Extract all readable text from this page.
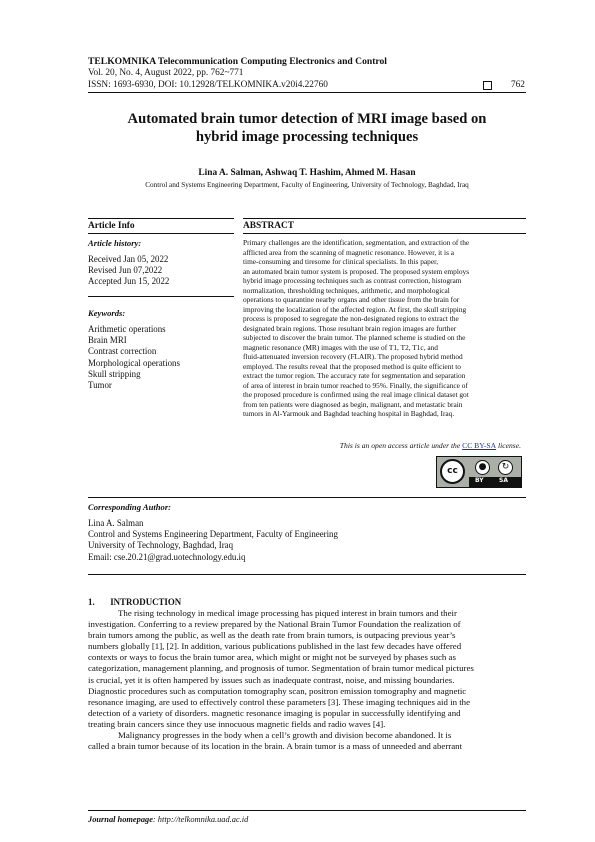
TELKOMNIKA Telecommunication Computing Electronics and Control
Vol. 20, No. 4, August 2022, pp. 762~771
ISSN: 1693-6930, DOI: 10.12928/TELKOMNIKA.v20i4.22760	762
Automated brain tumor detection of MRI image based on
hybrid image processing techniques
Lina A. Salman, Ashwaq T. Hashim, Ahmed M. Hasan
Control and Systems Engineering Department, Faculty of Engineering, University of Technology, Baghdad, Iraq
Article Info
Article history:
Received Jan 05, 2022
Revised Jun 07,2022
Accepted Jun 15, 2022
Keywords:
Arithmetic operations
Brain MRI
Contrast correction
Morphological operations
Skull stripping
Tumor
ABSTRACT
Primary challenges are the identification, segmentation, and extraction of the
afflicted area from the scanning of magnetic resonance. However, it is a
time-consuming and tiresome for clinical specialists. In this paper,
an automated brain tumor system is proposed. The proposed system employs
hybrid image processing techniques such as contrast correction, histogram
normalization, thresholding techniques, arithmetic, and morphological
operations to quarantine nearby organs and other tissue from the brain for
improving the localization of the affected region. At first, the skull stripping
process is proposed to segregate the non-designated regions to extract the
designated brain regions. Those resultant brain region images are further
subjected to discover the brain tumor. The planned scheme is studied on the
magnetic resonance (MR) images with the use of T1, T2, T1c, and
fluid-attenuated inversion recovery (FLAIR). The proposed hybrid method
employed. The results reveal that the proposed method is quite efficient to
extract the tumor region. The accuracy rate for segmentation and separation
of area of interest in brain tumor reached to 95%. Finally, the significance of
the proposed procedure is confirmed using the real image clinical dataset got
from ten patients were diagnosed as begin, malignant, and metastatic brain
tumors in Al-Yarmouk and Baghdad teaching hospital in Baghdad, Iraq.
This is an open access article under the CC BY-SA license.
cc	●	↻
BY	SA
Corresponding Author:
Lina A. Salman
Control and Systems Engineering Department, Faculty of Engineering
University of Technology, Baghdad, Iraq
Email: cse.20.21@grad.uotechnology.edu.iq
1.       INTRODUCTION
The rising technology in medical image processing has piqued interest in brain tumors and their
investigation. Conferring to a review prepared by the National Brain Tumor Foundation the realization of
brain tumors among the public, as well as the death rate from brain tumors, is outpacing previous year’s
numbers globally [1], [2]. In addition, various publications published in the last few decades have offered
contexts or ways to focus the brain tumor area, which might or might not be surveyed by phases such as
categorization, management planning, and prognosis of tumor. Segmentation of brain tumor medical pictures
is crucial, yet it is often hampered by issues such as inadequate contrast, noise, and missing boundaries.
Diagnostic procedures such as computation tomography scan, positron emission tomography and magnetic
resonance imaging, are used to effectively control these parameters [3]. These imaging techniques aid in the
detection of a variety of disorders. magnetic resonance imaging is popular in successfully identifying and
treating brain cancers since they use innocuous magnetic fields and radio waves [4].
Malignancy progresses in the body when a cell’s growth and division become abandoned. It is
called a brain tumor because of its location in the brain. A brain tumor is a mass of unneeded and aberrant
Journal homepage: http://telkomnika.uad.ac.id
